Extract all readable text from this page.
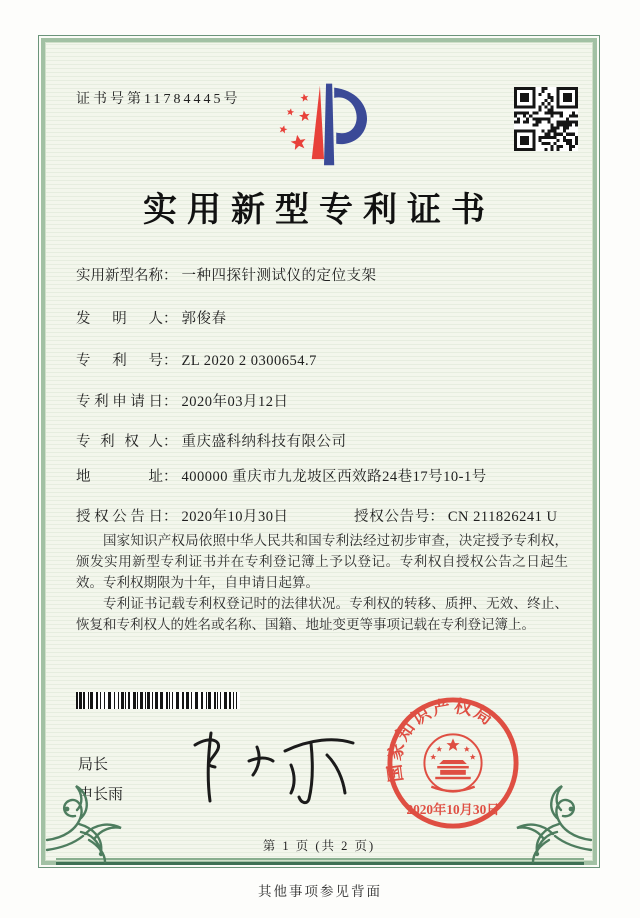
证书号第11784445号
实用新型专利证书
实用新型名称： 一种四探针测试仪的定位支架
发明人： 郭俊春
专利号： ZL 2020 2 0300654.7
专利申请日： 2020年03月12日
专利权人： 重庆盛科纳科技有限公司
地址： 400000 重庆市九龙坡区西效路24巷17号10-1号
授权公告日： 2020年10月30日	授权公告号： CN 211826241 U

国家知识产权局依照中华人民共和国专利法经过初步审查，决定授予专利权，颁发实用新型专利证书并在专利登记簿上予以登记。专利权自授权公告之日起生效。专利权期限为十年，自申请日起算。

专利证书记载专利权登记时的法律状况。专利权的转移、质押、无效、终止、恢复和专利权人的姓名或名称、国籍、地址变更等事项记载在专利登记簿上。

局长
申长雨
国家知识产权局
2020年10月30日
第 1 页 (共 2 页)
其他事项参见背面
